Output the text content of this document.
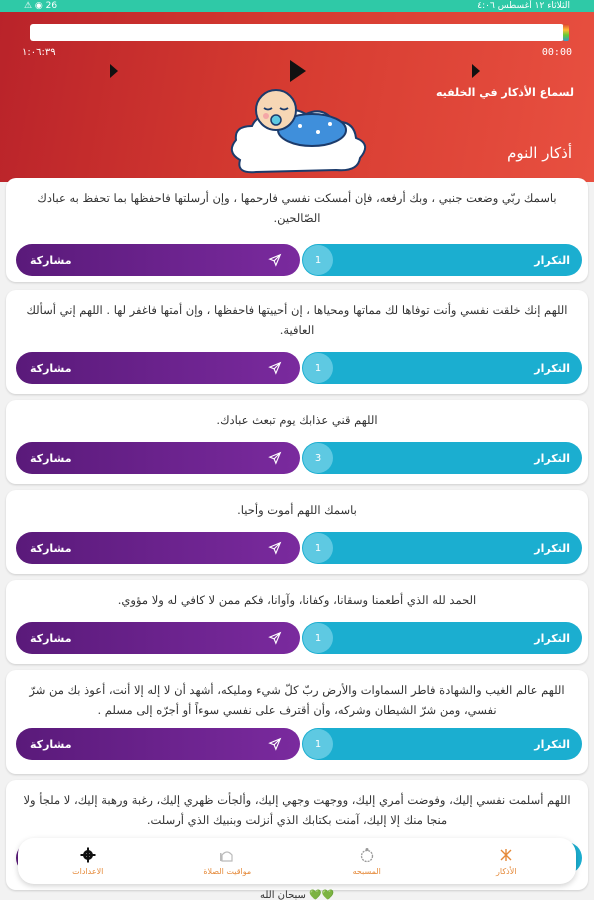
⚠ ◉ 26	الثلاثاء ١٢ أغسطس ٤:٠٦
00:00
١:٠٦:٣٩
لسماع الأذكار في الخلفيه
أذكار النوم
باسمك ربّي وضعت جنبي ، وبك أرفعه، فإن أمسكت نفسي فارحمها ، وإن أرسلتها فاحفظها بما تحفظ به عبادك الصّالحين.
1	التكرار
مشاركة
اللهم إنك خلقت نفسي وأنت توفاها لك مماتها ومحياها ، إن أحييتها فاحفظها ، وإن أمتها فاغفر لها . اللهم إني أسألك العافية.
1	التكرار
مشاركة
اللهم قني عذابك يوم تبعث عبادك.
3	التكرار
مشاركة
باسمك اللهم أموت وأحيا.
1	التكرار
مشاركة
الحمد لله الذي أطعمنا وسقانا، وكفانا، وآوانا، فكم ممن لا كافي له ولا مؤوي.
1	التكرار
مشاركة
اللهم عالم الغيب والشهادة فاطر السماوات والأرض ربّ كلّ شيء ومليكه، أشهد أن لا إله إلا أنت، أعوذ بك من شرّ نفسي، ومن شرّ الشيطان وشركه، وأن أقترف على نفسي سوءاً أو أجرّه إلى مسلم .
1	التكرار
مشاركة
اللهم أسلمت نفسي إليك، وفوضت أمري إليك، ووجهت وجهي إليك، وألجأت ظهري إليك، رغبة ورهبة إليك، لا ملجأ ولا منجا منك إلا إليك، آمنت بكتابك الذي أنزلت وبنبيك الذي أرسلت.
الاعدادات	مواقيت الصلاة	المسبحه	الأذكار
سبحان الله 💚💚
